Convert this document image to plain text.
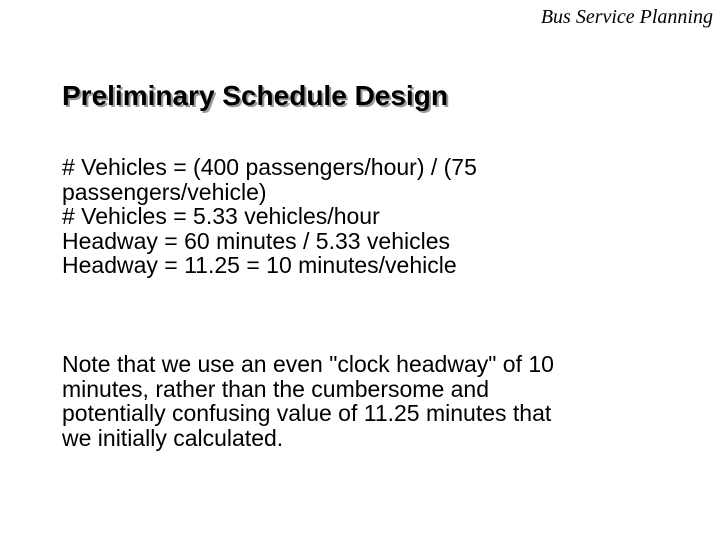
Bus Service Planning
Preliminary Schedule Design
# Vehicles = (400 passengers/hour) / (75
passengers/vehicle)
# Vehicles = 5.33 vehicles/hour
Headway = 60 minutes / 5.33 vehicles
Headway = 11.25 = 10 minutes/vehicle
Note that we use an even "clock headway" of 10
minutes, rather than the cumbersome and
potentially confusing value of 11.25 minutes that
we initially calculated.
